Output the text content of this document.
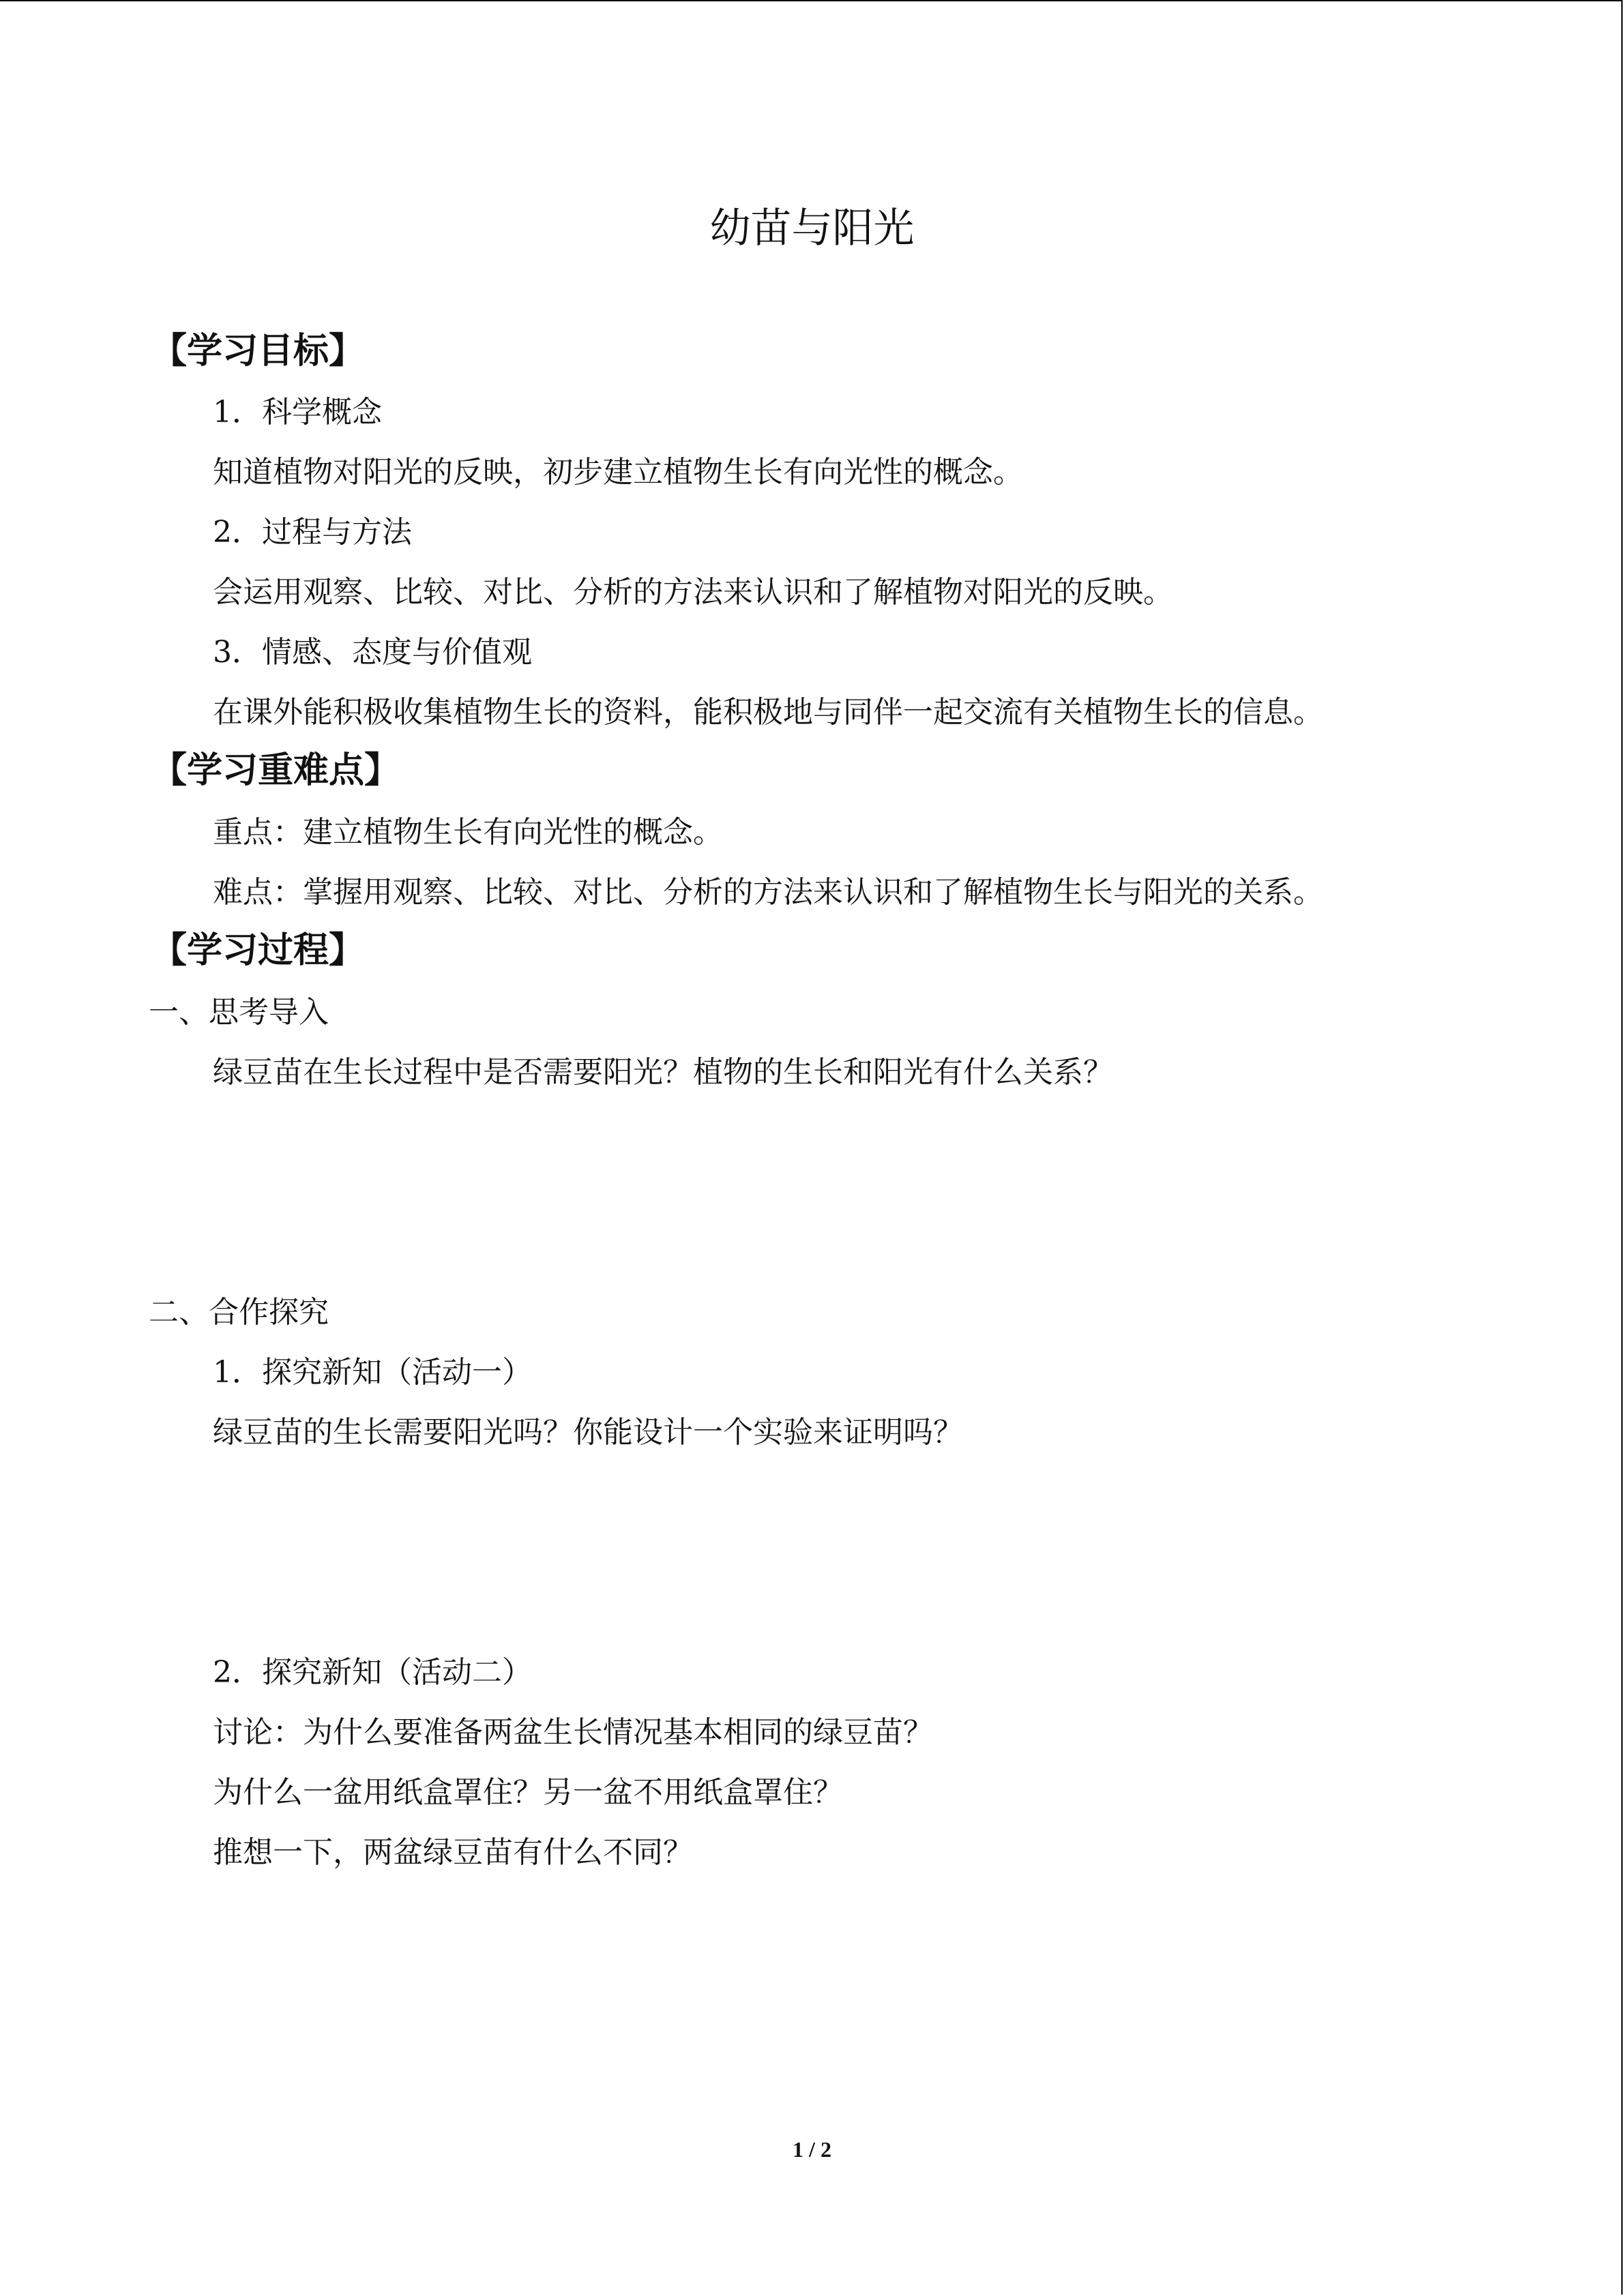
幼苗与阳光

【学习目标】

1．科学概念

知道植物对阳光的反映，初步建立植物生长有向光性的概念。

2．过程与方法

会运用观察、比较、对比、分析的方法来认识和了解植物对阳光的反映。

3．情感、态度与价值观

在课外能积极收集植物生长的资料，能积极地与同伴一起交流有关植物生长的信息。

【学习重难点】

重点：建立植物生长有向光性的概念。

难点：掌握用观察、比较、对比、分析的方法来认识和了解植物生长与阳光的关系。

【学习过程】

一、思考导入

绿豆苗在生长过程中是否需要阳光？植物的生长和阳光有什么关系？

二、合作探究

1．探究新知（活动一）

绿豆苗的生长需要阳光吗？你能设计一个实验来证明吗？

2．探究新知（活动二）

讨论：为什么要准备两盆生长情况基本相同的绿豆苗？

为什么一盆用纸盒罩住？另一盆不用纸盒罩住？

推想一下，两盆绿豆苗有什么不同？

1 / 2
